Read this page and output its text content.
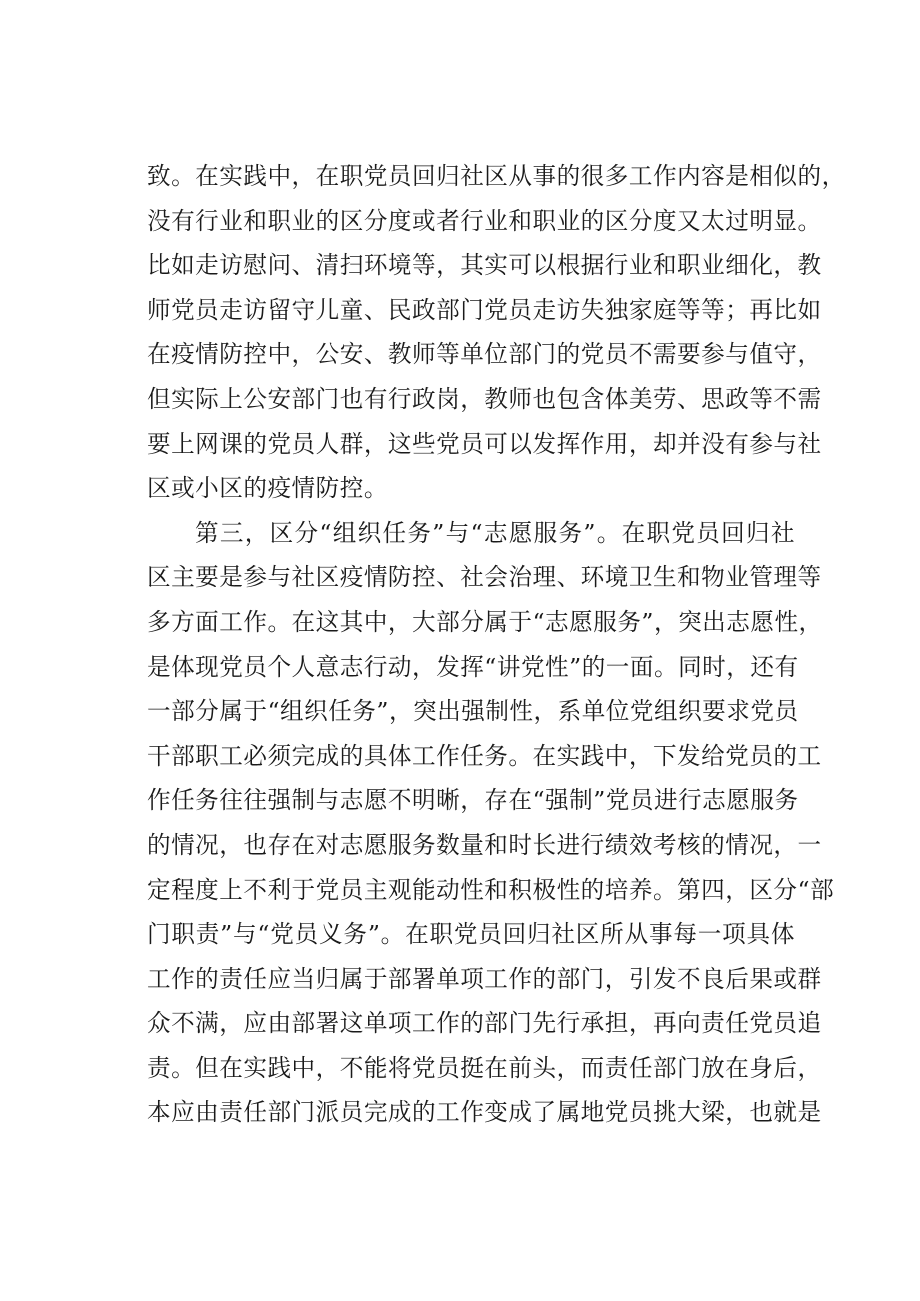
致。在实践中，在职党员回归社区从事的很多工作内容是相似的，
没有行业和职业的区分度或者行业和职业的区分度又太过明显。
比如走访慰问、清扫环境等，其实可以根据行业和职业细化，教
师党员走访留守儿童、民政部门党员走访失独家庭等等；再比如
在疫情防控中，公安、教师等单位部门的党员不需要参与值守，
但实际上公安部门也有行政岗，教师也包含体美劳、思政等不需
要上网课的党员人群，这些党员可以发挥作用，却并没有参与社
区或小区的疫情防控。
第三，区分“组织任务”与“志愿服务”。在职党员回归社
区主要是参与社区疫情防控、社会治理、环境卫生和物业管理等
多方面工作。在这其中，大部分属于“志愿服务”，突出志愿性，
是体现党员个人意志行动，发挥“讲党性”的一面。同时，还有
一部分属于“组织任务”，突出强制性，系单位党组织要求党员
干部职工必须完成的具体工作任务。在实践中，下发给党员的工
作任务往往强制与志愿不明晰，存在“强制”党员进行志愿服务
的情况，也存在对志愿服务数量和时长进行绩效考核的情况，一
定程度上不利于党员主观能动性和积极性的培养。第四，区分“部
门职责”与“党员义务”。在职党员回归社区所从事每一项具体
工作的责任应当归属于部署单项工作的部门，引发不良后果或群
众不满，应由部署这单项工作的部门先行承担，再向责任党员追
责。但在实践中，不能将党员挺在前头，而责任部门放在身后，
本应由责任部门派员完成的工作变成了属地党员挑大梁，也就是
